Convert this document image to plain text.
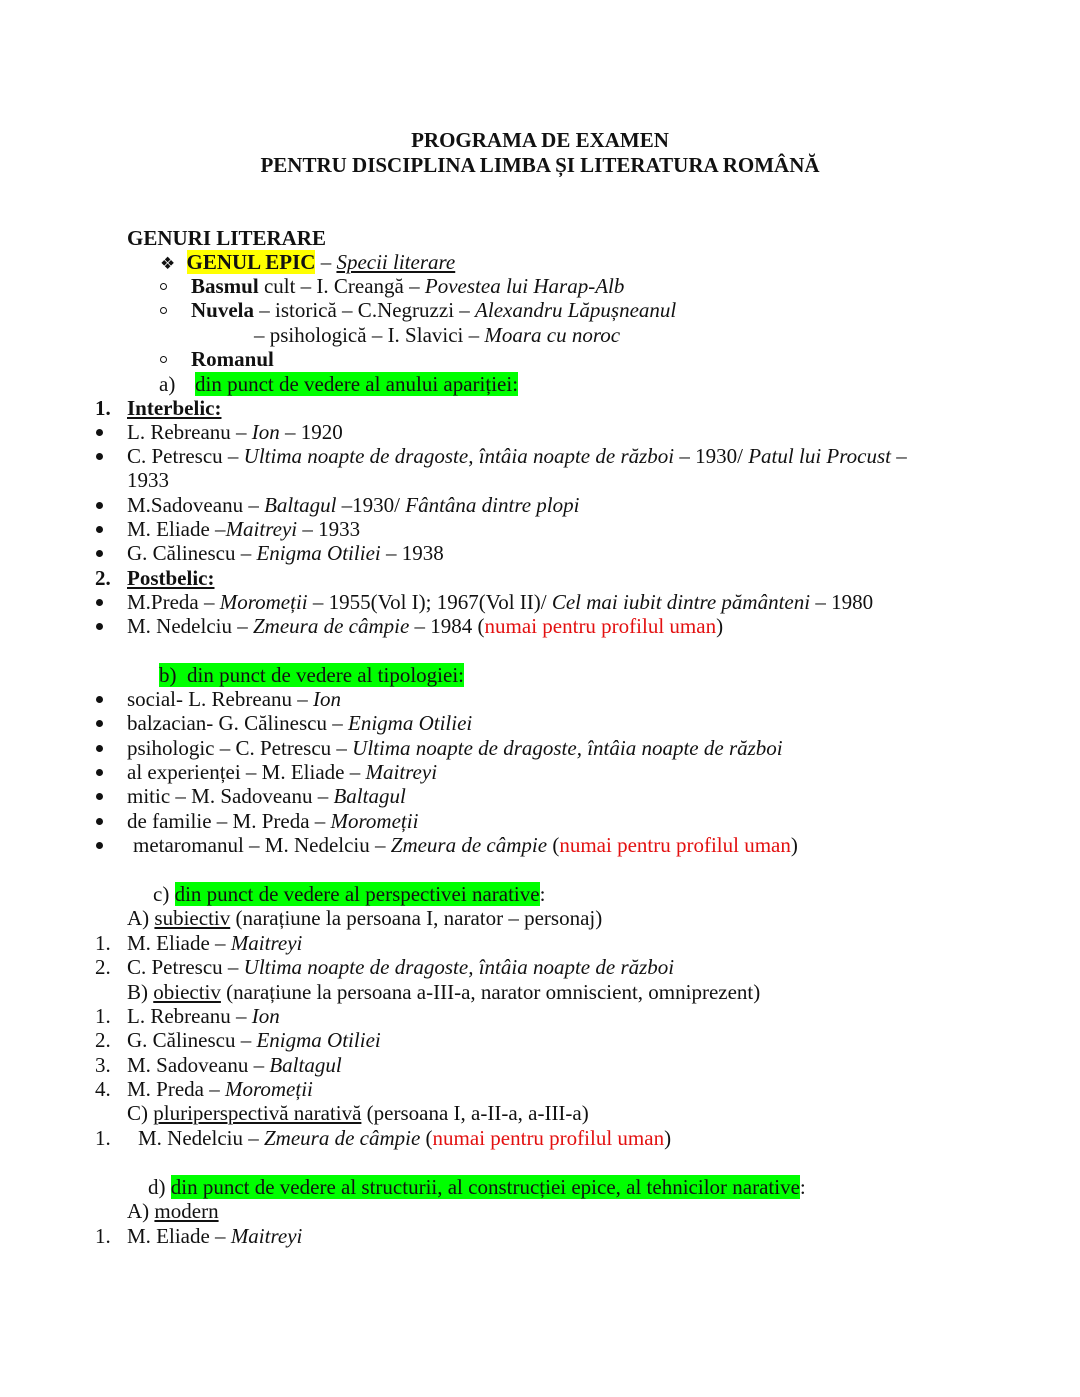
PROGRAMA DE EXAMEN
PENTRU DISCIPLINA LIMBA ȘI LITERATURA ROMÂNĂ
GENURI LITERARE
❖ GENUL EPIC – Specii literare
Basmul cult – I. Creangă – Povestea lui Harap-Alb
Nuvela – istorică – C.Negruzzi – Alexandru Lăpușneanul
– psihologică – I. Slavici – Moara cu noroc
Romanul
a) din punct de vedere al anului apariției:
1. Interbelic:
L. Rebreanu – Ion – 1920
C. Petrescu – Ultima noapte de dragoste, întâia noapte de război – 1930/ Patul lui Procust –
1933
M.Sadoveanu – Baltagul –1930/ Fântâna dintre plopi
M. Eliade –Maitreyi – 1933
G. Călinescu – Enigma Otiliei – 1938
2. Postbelic:
M.Preda – Moromeții – 1955(Vol I); 1967(Vol II)/ Cel mai iubit dintre pământeni – 1980
M. Nedelciu – Zmeura de câmpie – 1984 (numai pentru profilul uman)
b)  din punct de vedere al tipologiei:
social- L. Rebreanu – Ion
balzacian- G. Călinescu – Enigma Otiliei
psihologic – C. Petrescu – Ultima noapte de dragoste, întâia noapte de război
al experienței – M. Eliade – Maitreyi
mitic – M. Sadoveanu – Baltagul
de familie – M. Preda – Moromeții
metaromanul – M. Nedelciu – Zmeura de câmpie (numai pentru profilul uman)
c) din punct de vedere al perspectivei narative:
A) subiectiv (narațiune la persoana I, narator – personaj)
1. M. Eliade – Maitreyi
2. C. Petrescu – Ultima noapte de dragoste, întâia noapte de război
B) obiectiv (narațiune la persoana a-III-a, narator omniscient, omniprezent)
1. L. Rebreanu – Ion
2. G. Călinescu – Enigma Otiliei
3. M. Sadoveanu – Baltagul
4. M. Preda – Moromeții
C) pluriperspectivă narativă (persoana I, a-II-a, a-III-a)
1. M. Nedelciu – Zmeura de câmpie (numai pentru profilul uman)
d) din punct de vedere al structurii, al construcției epice, al tehnicilor narative:
A) modern
1. M. Eliade – Maitreyi
